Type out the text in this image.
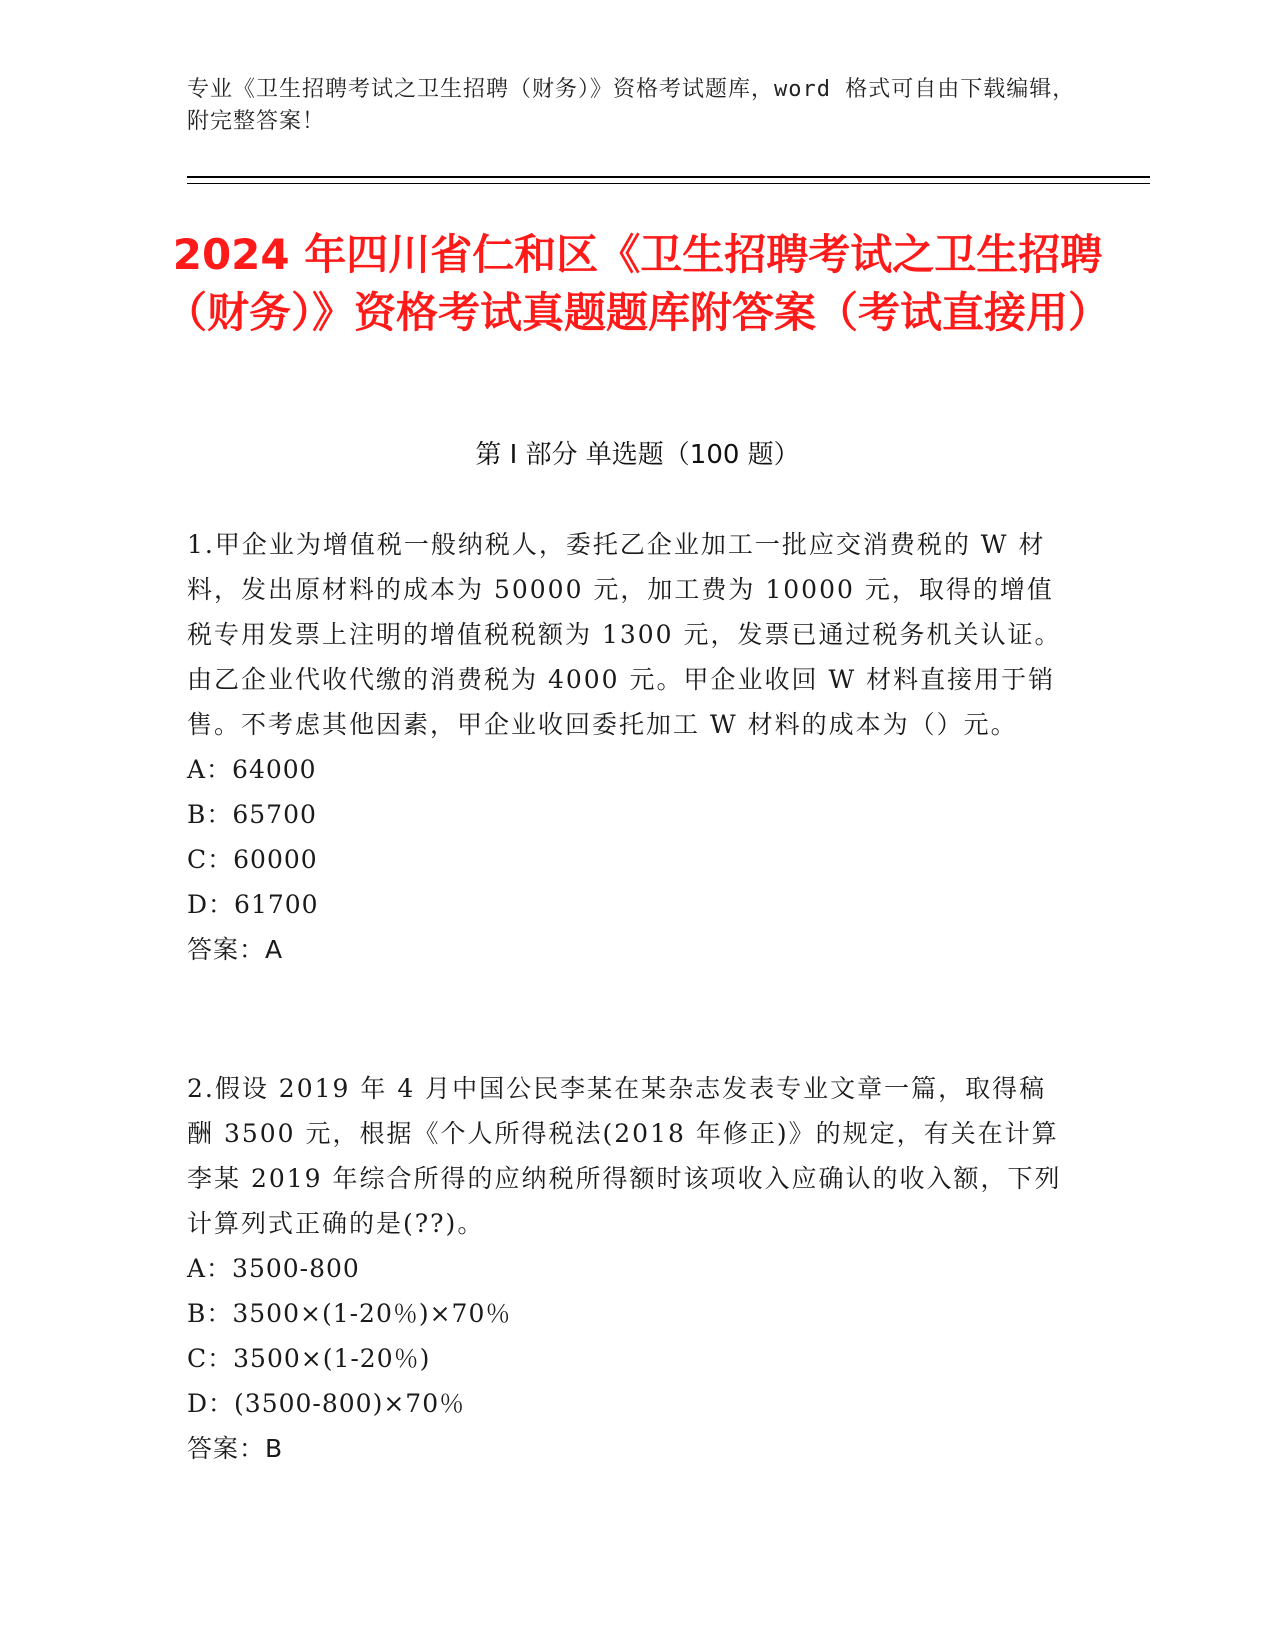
专业《卫生招聘考试之卫生招聘（财务）》资格考试题库，word 格式可自由下载编辑，附完整答案！
2024 年四川省仁和区《卫生招聘考试之卫生招聘（财务）》资格考试真题题库附答案（考试直接用）
第 I 部分 单选题（100 题）

1.甲企业为增值税一般纳税人，委托乙企业加工一批应交消费税的 W 材料，发出原材料的成本为 50000 元，加工费为 10000 元，取得的增值税专用发票上注明的增值税税额为 1300 元，发票已通过税务机关认证。由乙企业代收代缴的消费税为 4000 元。甲企业收回 W 材料直接用于销售。不考虑其他因素，甲企业收回委托加工 W 材料的成本为（）元。

A：64000

B：65700

C：60000

D：61700

答案：A

2.假设 2019 年 4 月中国公民李某在某杂志发表专业文章一篇，取得稿酬 3500 元，根据《个人所得税法(2018 年修正)》的规定，有关在计算李某 2019 年综合所得的应纳税所得额时该项收入应确认的收入额，下列计算列式正确的是(??)。

A：3500-800

B：3500×(1-20％)×70％

C：3500×(1-20％)

D：(3500-800)×70％

答案：B
